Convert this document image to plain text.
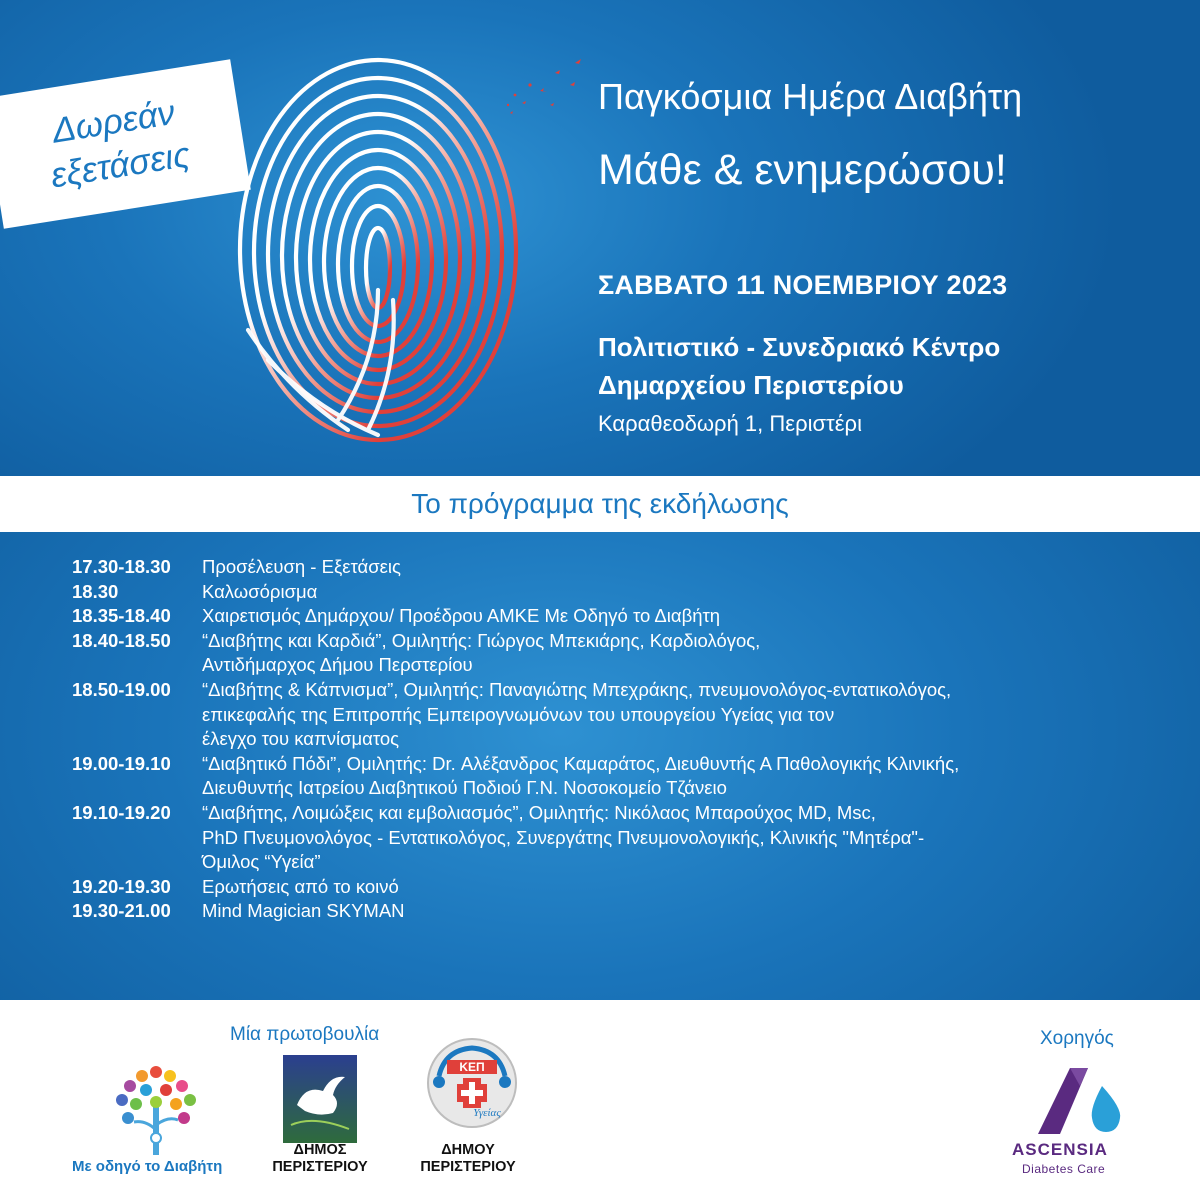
Δωρεάν
εξετάσεις
Παγκόσμια Ημέρα Διαβήτη
Μάθε & ενημερώσου!
ΣΑΒΒΑΤΟ 11 ΝΟΕΜΒΡΙΟΥ 2023
Πολιτιστικό - Συνεδριακό Κέντρο
Δημαρχείου Περιστερίου
Καραθεοδωρή 1, Περιστέρι
Το πρόγραμμα της εκδήλωσης
17.30-18.30	Προσέλευση - Εξετάσεις
18.30	Καλωσόρισμα
18.35-18.40	Χαιρετισμός Δημάρχου/ Προέδρου ΑΜΚΕ Με Οδηγό το Διαβήτη
18.40-18.50	“Διαβήτης και Καρδιά”, Ομιλητής: Γιώργος Μπεκιάρης, Καρδιολόγος,
Αντιδήμαρχος Δήμου Περστερίου
18.50-19.00	“Διαβήτης & Κάπνισμα”, Ομιλητής: Παναγιώτης Μπεχράκης, πνευμονολόγος-εντατικολόγος,
επικεφαλής της Επιτροπής Εμπειρογνωμόνων του υπουργείου Υγείας για τον
έλεγχο του καπνίσματος
19.00-19.10	“Διαβητικό Πόδι”, Ομιλητής: Dr. Αλέξανδρος Καμαράτος, Διευθυντής Α Παθολογικής Κλινικής,
Διευθυντής Ιατρείου Διαβητικού Ποδιού Γ.Ν. Νοσοκομείο Τζάνειο
19.10-19.20	“Διαβήτης, Λοιμώξεις και εμβολιασμός”, Ομιλητής: Νικόλαος Μπαρούχος MD, Msc,
PhD Πνευμονολόγος - Εντατικολόγος, Συνεργάτης Πνευμονολογικής, Κλινικής "Μητέρα"-
Όμιλος “Υγεία”
19.20-19.30	Ερωτήσεις από το κοινό
19.30-21.00	Mind Magician SKYMAN
Μία πρωτοβουλία	Χορηγός
Με οδηγό το Διαβήτη
ΔΗΜΟΣ
ΠΕΡΙΣΤΕΡΙΟΥ
ΚΕΠ
Υγείας
ΔΗΜΟΥ
ΠΕΡΙΣΤΕΡΙΟΥ
ASCENSIA
Diabetes Care
